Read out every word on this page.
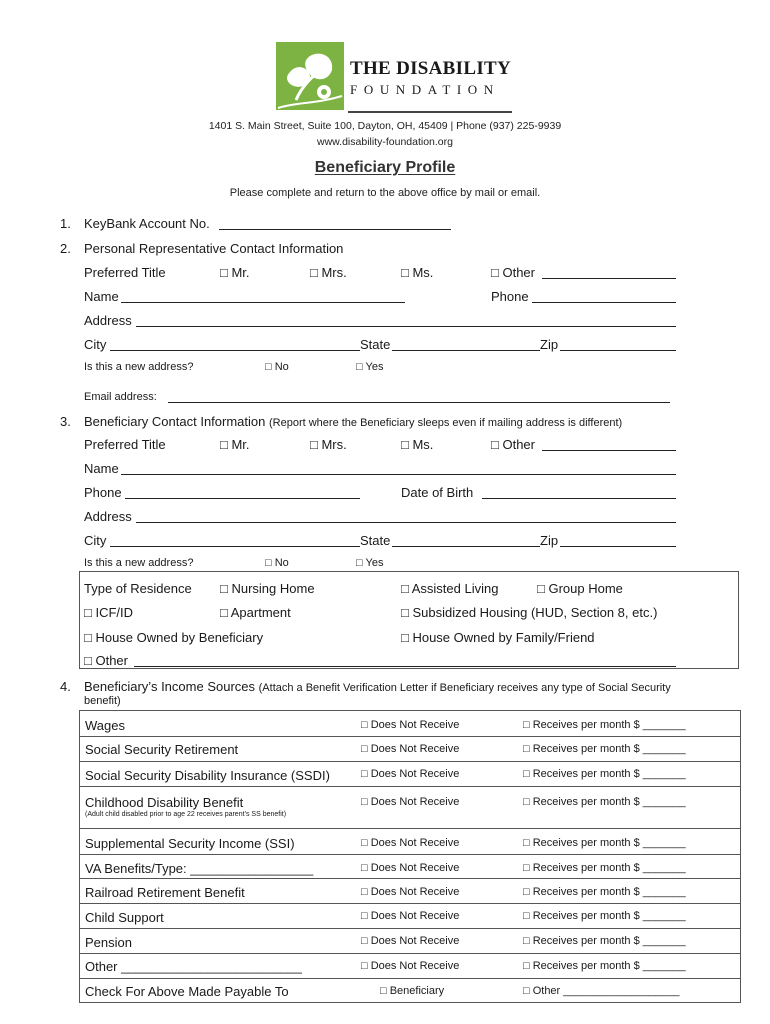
THE DISABILITY
FOUNDATION
1401 S. Main Street, Suite 100, Dayton, OH, 45409 | Phone (937) 225-9939
www.disability-foundation.org
Beneficiary Profile
Please complete and return to the above office by mail or email.
1. KeyBank Account No.
2. Personal Representative Contact Information
Preferred Title	□ Mr.	□ Mrs.	□ Ms.	□ Other
Name	Phone
Address
City	State	Zip
Is this a new address?	□ No	□ Yes
Email address:
3. Beneficiary Contact Information (Report where the Beneficiary sleeps even if mailing address is different)
Preferred Title	□ Mr.	□ Mrs.	□ Ms.	□ Other
Name
Phone	Date of Birth
Address
City	State	Zip
Is this a new address?	□ No	□ Yes
Type of Residence □ Nursing Home	□ Assisted Living	□ Group Home
□ ICF/ID	□ Apartment	□ Subsidized Housing (HUD, Section 8, etc.)
□ House Owned by Beneficiary	□ House Owned by Family/Friend
□ Other
4. Beneficiary’s Income Sources (Attach a Benefit Verification Letter if Beneficiary receives any type of Social Security
benefit)
Wages	□ Does Not Receive	□ Receives per month $ _______
Social Security Retirement	□ Does Not Receive	□ Receives per month $ _______
Social Security Disability Insurance (SSDI)	□ Does Not Receive	□ Receives per month $ _______
Childhood Disability Benefit
(Adult child disabled prior to age 22 receives parent’s SS benefit)
□ Does Not Receive	□ Receives per month $ _______
Supplemental Security Income (SSI)	□ Does Not Receive	□ Receives per month $ _______
VA Benefits/Type: _________________	□ Does Not Receive	□ Receives per month $ _______
Railroad Retirement Benefit	□ Does Not Receive	□ Receives per month $ _______
Child Support	□ Does Not Receive	□ Receives per month $ _______
Pension	□ Does Not Receive	□ Receives per month $ _______
Other _________________________	□ Does Not Receive	□ Receives per month $ _______
Check For Above Made Payable To	□ Beneficiary	□ Other ___________________
